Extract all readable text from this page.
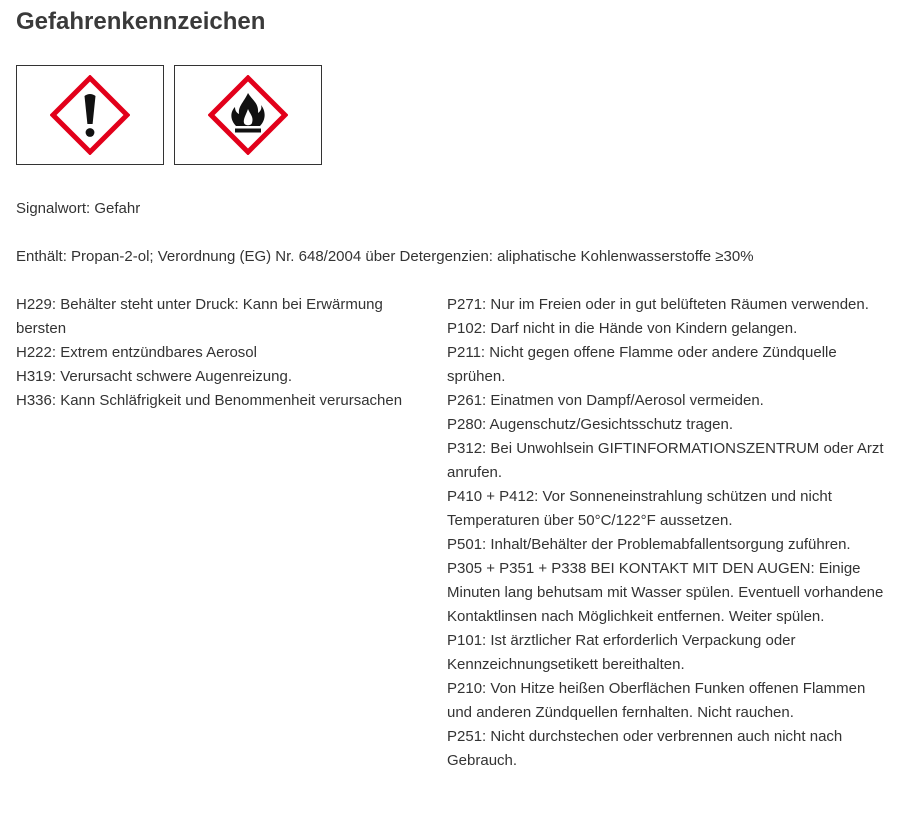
Gefahrenkennzeichen
Signalwort: Gefahr
Enthält: Propan-2-ol; Verordnung (EG) Nr. 648/2004 über Detergenzien: aliphatische Kohlenwasserstoffe ≥30%

H229: Behälter steht unter Druck: Kann bei Erwärmung bersten

H222: Extrem entzündbares Aerosol

H319: Verursacht schwere Augenreizung.

H336: Kann Schläfrigkeit und Benommenheit verursachen

P271: Nur im Freien oder in gut belüfteten Räumen verwenden.

P102: Darf nicht in die Hände von Kindern gelangen.

P211: Nicht gegen offene Flamme oder andere Zündquelle sprühen.

P261: Einatmen von Dampf/Aerosol vermeiden.

P280: Augenschutz/Gesichtsschutz tragen.

P312: Bei Unwohlsein GIFTINFORMATIONSZENTRUM oder Arzt anrufen.

P410 + P412: Vor Sonneneinstrahlung schützen und nicht Temperaturen über 50°C/122°F aussetzen.

P501: Inhalt/Behälter der Problemabfallentsorgung zuführen.

P305 + P351 + P338 BEI KONTAKT MIT DEN AUGEN: Einige Minuten lang behutsam mit Wasser spülen. Eventuell vorhandene Kontaktlinsen nach Möglichkeit entfernen. Weiter spülen.

P101: Ist ärztlicher Rat erforderlich Verpackung oder Kennzeichnungsetikett bereithalten.

P210: Von Hitze heißen Oberflächen Funken offenen Flammen und anderen Zündquellen fernhalten. Nicht rauchen.

P251: Nicht durchstechen oder verbrennen auch nicht nach Gebrauch.
